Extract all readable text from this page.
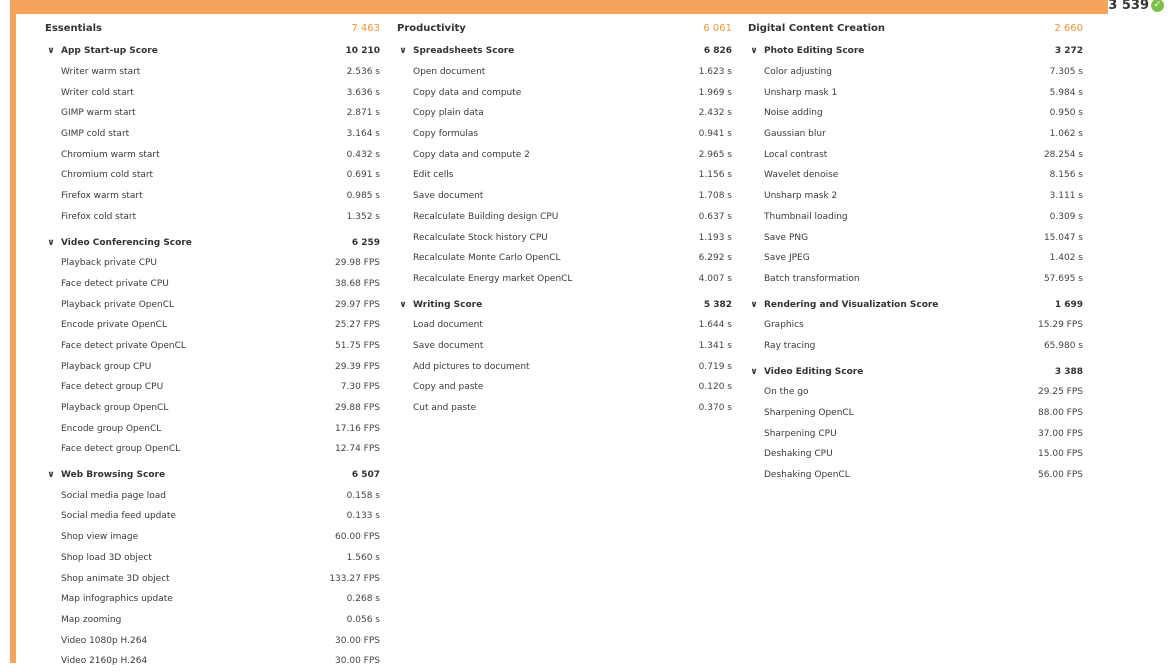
3 539 ✓
Essentials	7 463
∨ App Start-up Score	10 210
Writer warm start	2.536 s
Writer cold start	3.636 s
GIMP warm start	2.871 s
GIMP cold start	3.164 s
Chromium warm start	0.432 s
Chromium cold start	0.691 s
Firefox warm start	0.985 s
Firefox cold start	1.352 s
∨ Video Conferencing Score	6 259
Playback private CPU	29.98 FPS
Face detect private CPU	38.68 FPS
Playback private OpenCL	29.97 FPS
Encode private OpenCL	25.27 FPS
Face detect private OpenCL	51.75 FPS
Playback group CPU	29.39 FPS
Face detect group CPU	7.30 FPS
Playback group OpenCL	29.88 FPS
Encode group OpenCL	17.16 FPS
Face detect group OpenCL	12.74 FPS
∨ Web Browsing Score	6 507
Social media page load	0.158 s
Social media feed update	0.133 s
Shop view image	60.00 FPS
Shop load 3D object	1.560 s
Shop animate 3D object	133.27 FPS
Map infographics update	0.268 s
Map zooming	0.056 s
Video 1080p H.264	30.00 FPS
Video 2160p H.264	30.00 FPS
Productivity	6 061
∨ Spreadsheets Score	6 826
Open document	1.623 s
Copy data and compute	1.969 s
Copy plain data	2.432 s
Copy formulas	0.941 s
Copy data and compute 2	2.965 s
Edit cells	1.156 s
Save document	1.708 s
Recalculate Building design CPU	0.637 s
Recalculate Stock history CPU	1.193 s
Recalculate Monte Carlo OpenCL	6.292 s
Recalculate Energy market OpenCL	4.007 s
∨ Writing Score	5 382
Load document	1.644 s
Save document	1.341 s
Add pictures to document	0.719 s
Copy and paste	0.120 s
Cut and paste	0.370 s
Digital Content Creation	2 660
∨ Photo Editing Score	3 272
Color adjusting	7.305 s
Unsharp mask 1	5.984 s
Noise adding	0.950 s
Gaussian blur	1.062 s
Local contrast	28.254 s
Wavelet denoise	8.156 s
Unsharp mask 2	3.111 s
Thumbnail loading	0.309 s
Save PNG	15.047 s
Save JPEG	1.402 s
Batch transformation	57.695 s
∨ Rendering and Visualization Score	1 699
Graphics	15.29 FPS
Ray tracing	65.980 s
∨ Video Editing Score	3 388
On the go	29.25 FPS
Sharpening OpenCL	88.00 FPS
Sharpening CPU	37.00 FPS
Deshaking CPU	15.00 FPS
Deshaking OpenCL	56.00 FPS
